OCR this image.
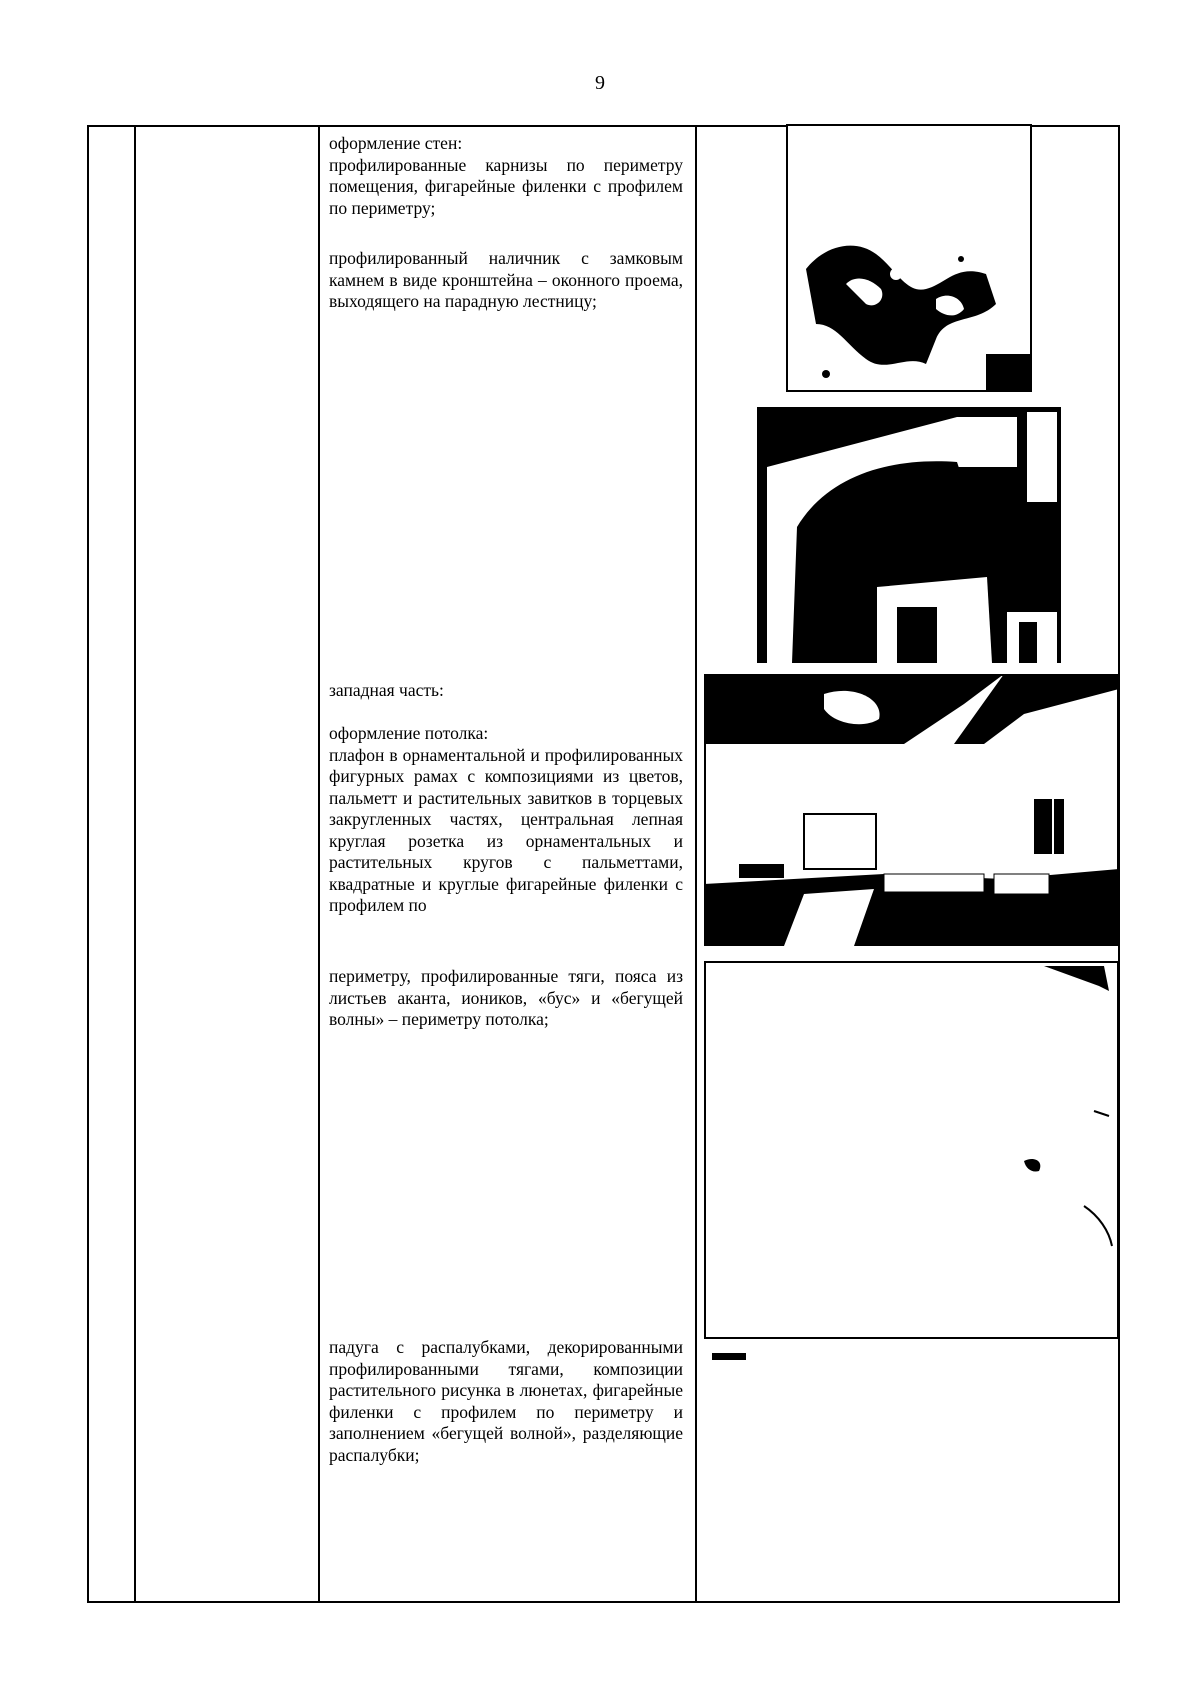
9

оформление стен:

профилированные карнизы по периметру помещения, фигарейные филенки с профилем по периметру;

профилированный наличник с замковым камнем в виде кронштейна – оконного проема, выходящего на парадную лестницу;
западная часть:

оформление потолка:

плафон в орнаментальной и профилированных фигурных рамах с композициями из цветов, пальметт и растительных завитков в торцевых закругленных частях, центральная лепная круглая розетка из орнаментальных и растительных кругов с пальметтами, квадратные и круглые фигарейные филенки с профилем по

периметру, профилированные тяги, пояса из листьев аканта, иоников, «бус» и «бегущей волны» – периметру потолка;
падуга с распалубками, декорированными профилированными тягами, композиции растительного рисунка в люнетах, фигарейные филенки с профилем по периметру и заполнением «бегущей волной», разделяющие распалубки;
